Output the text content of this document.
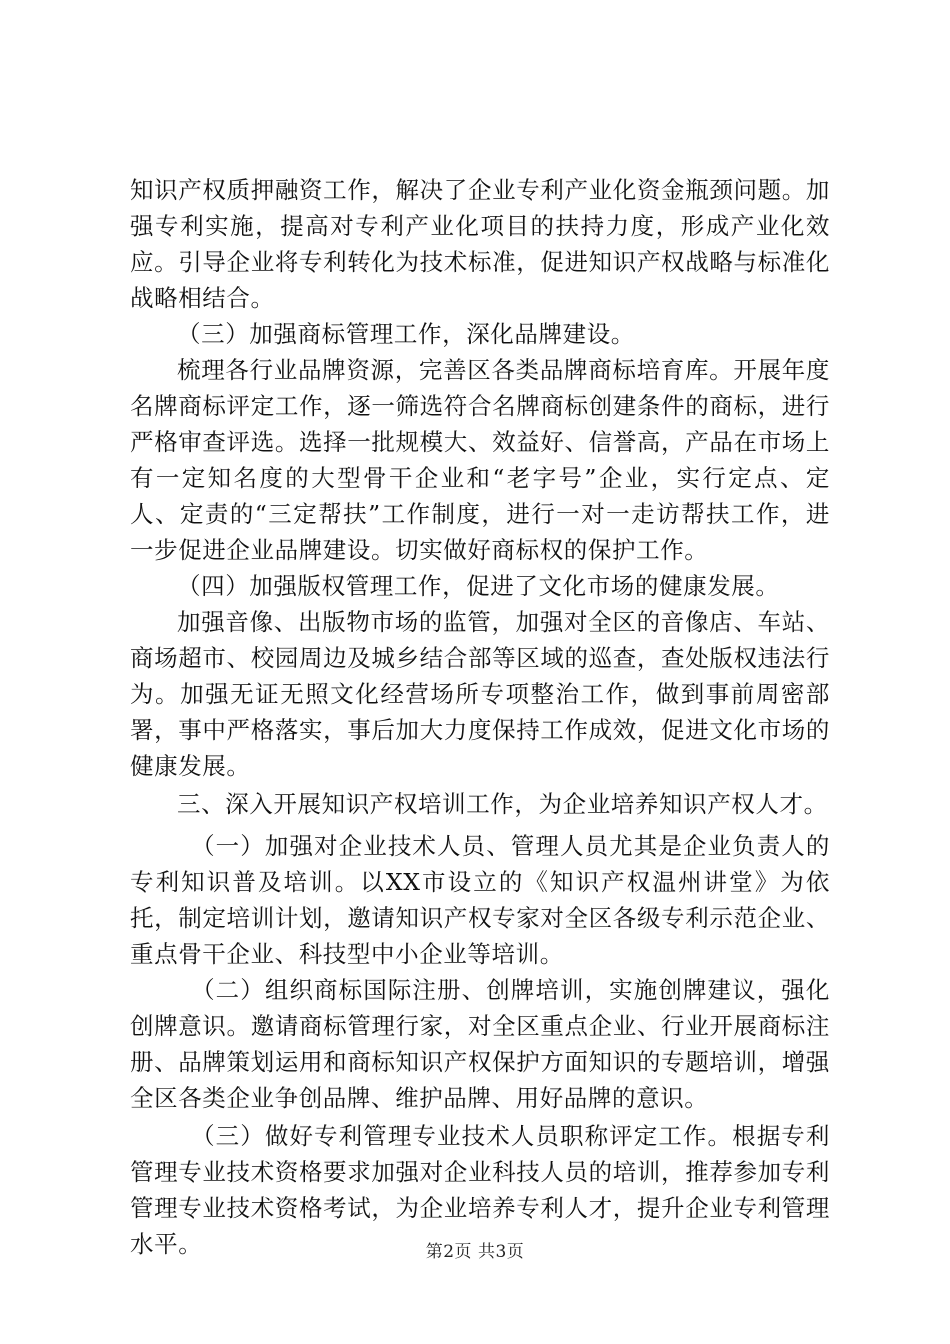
知识产权质押融资工作，解决了企业专利产业化资金瓶颈问题。加强专利实施，提高对专利产业化项目的扶持力度，形成产业化效应。引导企业将专利转化为技术标准，促进知识产权战略与标准化战略相结合。

（三）加强商标管理工作，深化品牌建设。

梳理各行业品牌资源，完善区各类品牌商标培育库。开展年度名牌商标评定工作，逐一筛选符合名牌商标创建条件的商标，进行严格审查评选。选择一批规模大、效益好、信誉高，产品在市场上有一定知名度的大型骨干企业和“老字号”企业，实行定点、定人、定责的“三定帮扶”工作制度，进行一对一走访帮扶工作，进一步促进企业品牌建设。切实做好商标权的保护工作。

（四）加强版权管理工作，促进了文化市场的健康发展。

加强音像、出版物市场的监管，加强对全区的音像店、车站、商场超市、校园周边及城乡结合部等区域的巡查，查处版权违法行为。加强无证无照文化经营场所专项整治工作，做到事前周密部署，事中严格落实，事后加大力度保持工作成效，促进文化市场的健康发展。

三、深入开展知识产权培训工作，为企业培养知识产权人才。

（一）加强对企业技术人员、管理人员尤其是企业负责人的专利知识普及培训。以XX市设立的《知识产权温州讲堂》为依托，制定培训计划，邀请知识产权专家对全区各级专利示范企业、重点骨干企业、科技型中小企业等培训。

（二）组织商标国际注册、创牌培训，实施创牌建议，强化创牌意识。邀请商标管理行家，对全区重点企业、行业开展商标注册、品牌策划运用和商标知识产权保护方面知识的专题培训，增强全区各类企业争创品牌、维护品牌、用好品牌的意识。

（三）做好专利管理专业技术人员职称评定工作。根据专利管理专业技术资格要求加强对企业科技人员的培训，推荐参加专利管理专业技术资格考试，为企业培养专利人才，提升企业专利管理水平。	第2页 共3页
